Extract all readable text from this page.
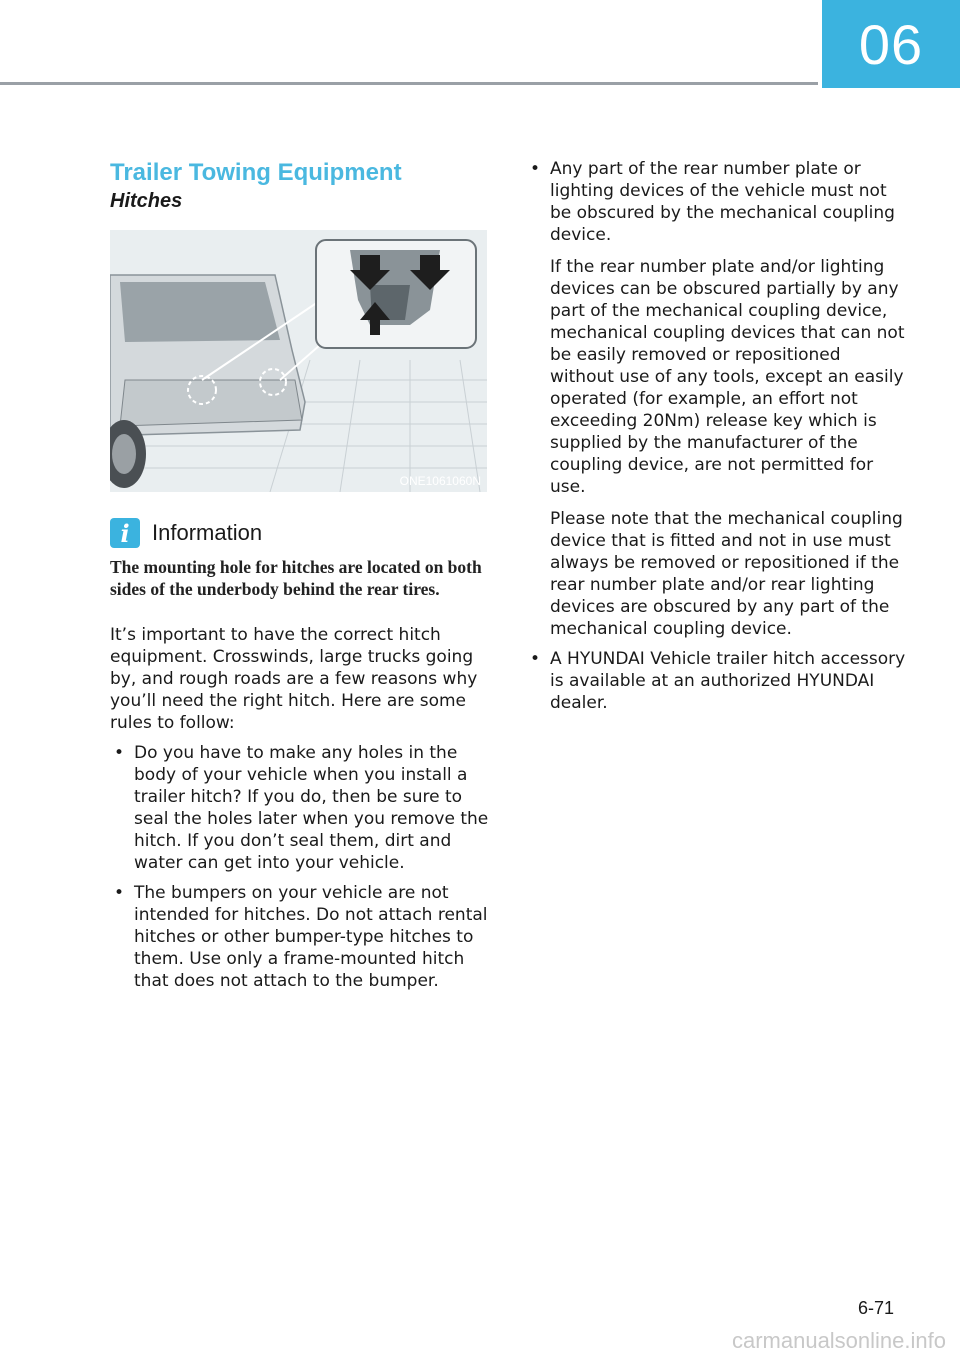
06
Trailer Towing Equipment
Hitches
ONE1061060N
i	Information

The mounting hole for hitches are located on both sides of the underbody behind the rear tires.

It’s important to have the correct hitch equipment. Crosswinds, large trucks going by, and rough roads are a few reasons why you’ll need the right hitch. Here are some rules to follow:

• Do you have to make any holes in the body of your vehicle when you install a trailer hitch? If you do, then be sure to seal the holes later when you remove the hitch. If you don’t seal them, dirt and water can get into your vehicle.

• The bumpers on your vehicle are not intended for hitches. Do not attach rental hitches or other bumper-type hitches to them. Use only a frame-mounted hitch that does not attach to the bumper.

• Any part of the rear number plate or lighting devices of the vehicle must not be obscured by the mechanical coupling device.

If the rear number plate and/or lighting devices can be obscured partially by any part of the mechanical coupling device, mechanical coupling devices that can not be easily removed or repositioned without use of any tools, except an easily operated (for example, an effort not exceeding 20Nm) release key which is supplied by the manufacturer of the coupling device, are not permitted for use.

Please note that the mechanical coupling device that is fitted and not in use must always be removed or repositioned if the rear number plate and/or rear lighting devices are obscured by any part of the mechanical coupling device.

• A HYUNDAI Vehicle trailer hitch accessory is available at an authorized HYUNDAI dealer.

6-71
carmanualsonline.info
